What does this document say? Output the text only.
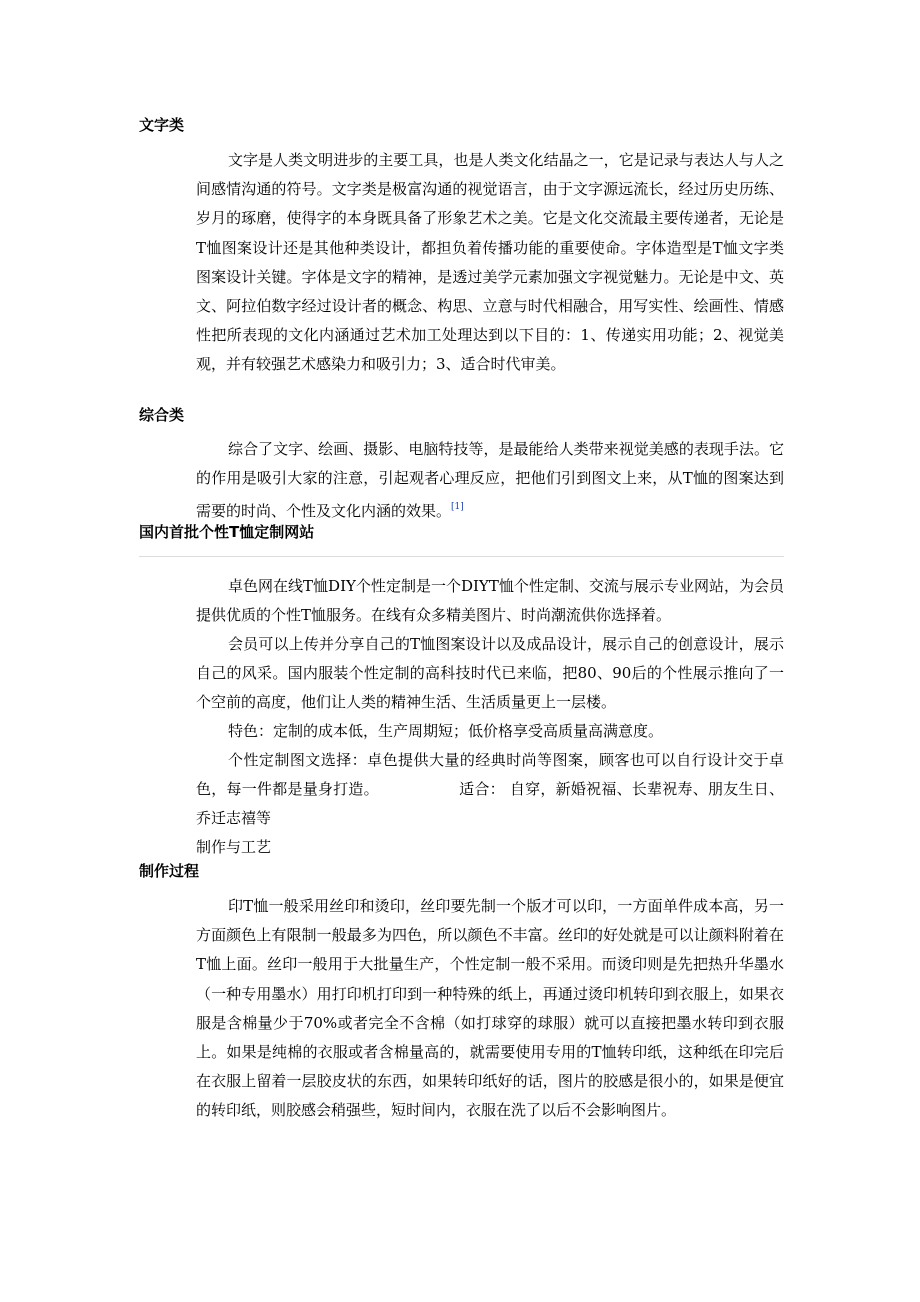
文字类

文字是人类文明进步的主要工具，也是人类文化结晶之一，它是记录与表达人与人之间感情沟通的符号。文字类是极富沟通的视觉语言，由于文字源远流长，经过历史历练、岁月的琢磨，使得字的本身既具备了形象艺术之美。它是文化交流最主要传递者，无论是T恤图案设计还是其他种类设计，都担负着传播功能的重要使命。字体造型是T恤文字类图案设计关键。字体是文字的精神，是透过美学元素加强文字视觉魅力。无论是中文、英文、阿拉伯数字经过设计者的概念、构思、立意与时代相融合，用写实性、绘画性、情感性把所表现的文化内涵通过艺术加工处理达到以下目的：1、传递实用功能；2、视觉美观，并有较强艺术感染力和吸引力；3、适合时代审美。

综合类

综合了文字、绘画、摄影、电脑特技等，是最能给人类带来视觉美感的表现手法。它的作用是吸引大家的注意，引起观者心理反应，把他们引到图文上来，从T恤的图案达到需要的时尚、个性及文化内涵的效果。[1]

国内首批个性T恤定制网站

卓色网在线T恤DIY个性定制是一个DIYT恤个性定制、交流与展示专业网站，为会员提供优质的个性T恤服务。在线有众多精美图片、时尚潮流供你选择着。

会员可以上传并分享自己的T恤图案设计以及成品设计，展示自己的创意设计，展示自己的风采。国内服装个性定制的高科技时代已来临，把80、90后的个性展示推向了一个空前的高度，他们让人类的精神生活、生活质量更上一层楼。

特色：定制的成本低，生产周期短；低价格享受高质量高满意度。

个性定制图文选择：卓色提供大量的经典时尚等图案，顾客也可以自行设计交于卓色，每一件都是量身打造。	适合： 自穿，新婚祝福、长辈祝寿、朋友生日、乔迁志禧等

制作与工艺

制作过程

印T恤一般采用丝印和烫印，丝印要先制一个版才可以印，一方面单件成本高，另一方面颜色上有限制一般最多为四色，所以颜色不丰富。丝印的好处就是可以让颜料附着在T恤上面。丝印一般用于大批量生产，个性定制一般不采用。而烫印则是先把热升华墨水（一种专用墨水）用打印机打印到一种特殊的纸上，再通过烫印机转印到衣服上，如果衣服是含棉量少于70%或者完全不含棉（如打球穿的球服）就可以直接把墨水转印到衣服上。如果是纯棉的衣服或者含棉量高的，就需要使用专用的T恤转印纸，这种纸在印完后在衣服上留着一层胶皮状的东西，如果转印纸好的话，图片的胶感是很小的，如果是便宜的转印纸，则胶感会稍强些，短时间内，衣服在洗了以后不会影响图片。
